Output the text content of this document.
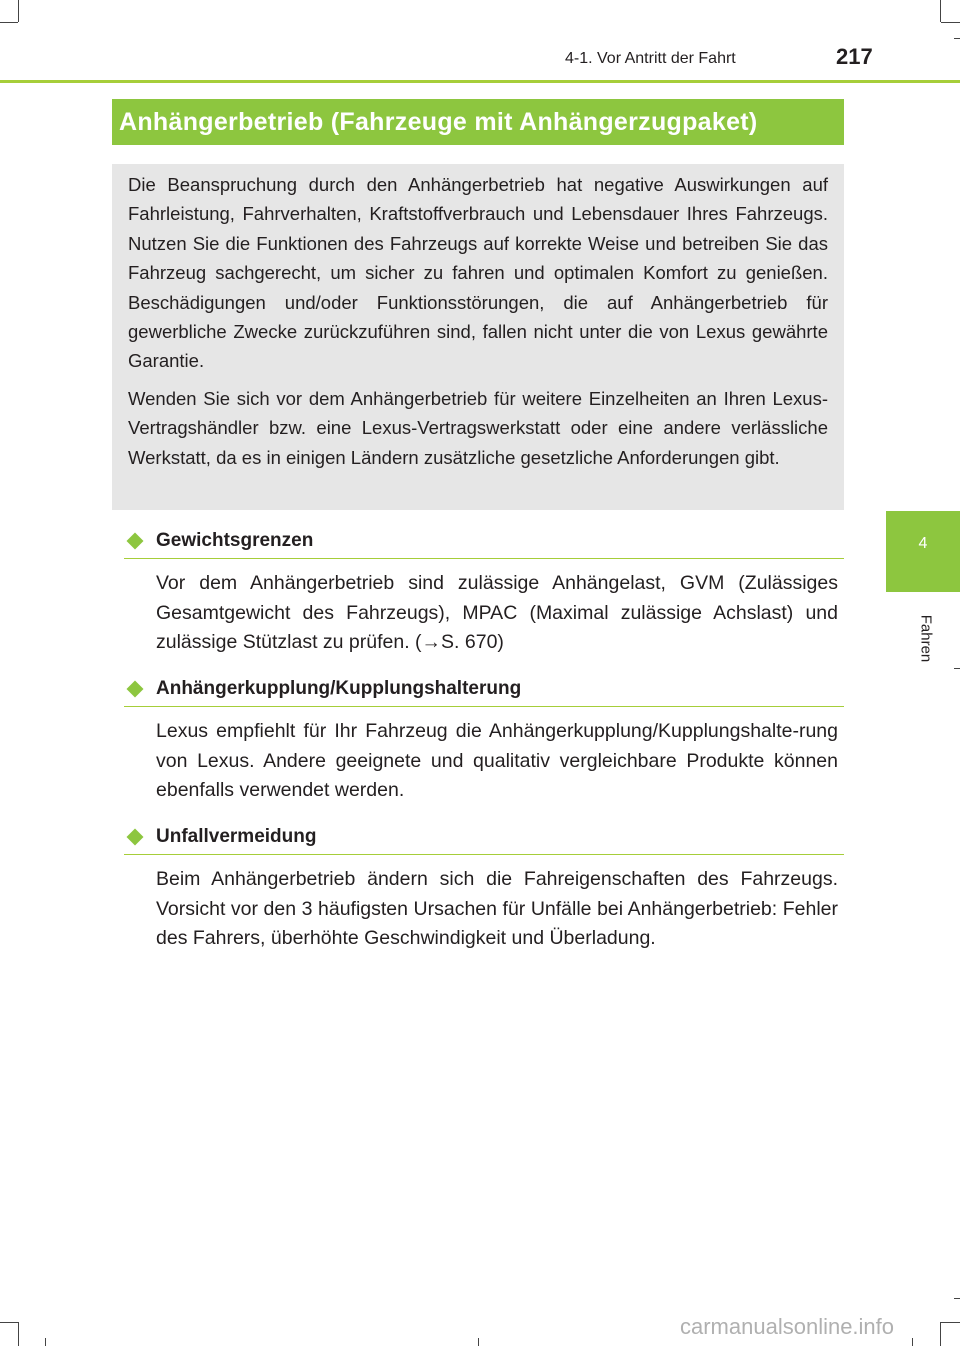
4-1. Vor Antritt der Fahrt	217
Anhängerbetrieb (Fahrzeuge mit Anhängerzugpaket)

Die Beanspruchung durch den Anhängerbetrieb hat negative Auswirkungen auf Fahrleistung, Fahrverhalten, Kraftstoffverbrauch und Lebensdauer Ihres Fahrzeugs. Nutzen Sie die Funktionen des Fahrzeugs auf korrekte Weise und betreiben Sie das Fahrzeug sachgerecht, um sicher zu fahren und optimalen Komfort zu genießen. Beschädigungen und/oder Funktionsstörungen, die auf Anhängerbetrieb für gewerbliche Zwecke zurückzuführen sind, fallen nicht unter die von Lexus gewährte Garantie.

Wenden Sie sich vor dem Anhängerbetrieb für weitere Einzelheiten an Ihren Lexus-Vertragshändler bzw. eine Lexus-Vertragswerkstatt oder eine andere verlässliche Werkstatt, da es in einigen Ländern zusätzliche gesetzliche Anforderungen gibt.

4
Fahren
Gewichtsgrenzen
Vor dem Anhängerbetrieb sind zulässige Anhängelast, GVM (Zulässiges Gesamtgewicht des Fahrzeugs), MPAC (Maximal zulässige Achslast) und zulässige Stützlast zu prüfen. (→S. 670)
Anhängerkupplung/Kupplungshalterung
Lexus empfiehlt für Ihr Fahrzeug die Anhängerkupplung/Kupplungshalte-rung von Lexus. Andere geeignete und qualitativ vergleichbare Produkte können ebenfalls verwendet werden.
Unfallvermeidung
Beim Anhängerbetrieb ändern sich die Fahreigenschaften des Fahrzeugs. Vorsicht vor den 3 häufigsten Ursachen für Unfälle bei Anhängerbetrieb: Fehler des Fahrers, überhöhte Geschwindigkeit und Überladung.
carmanualsonline.info
